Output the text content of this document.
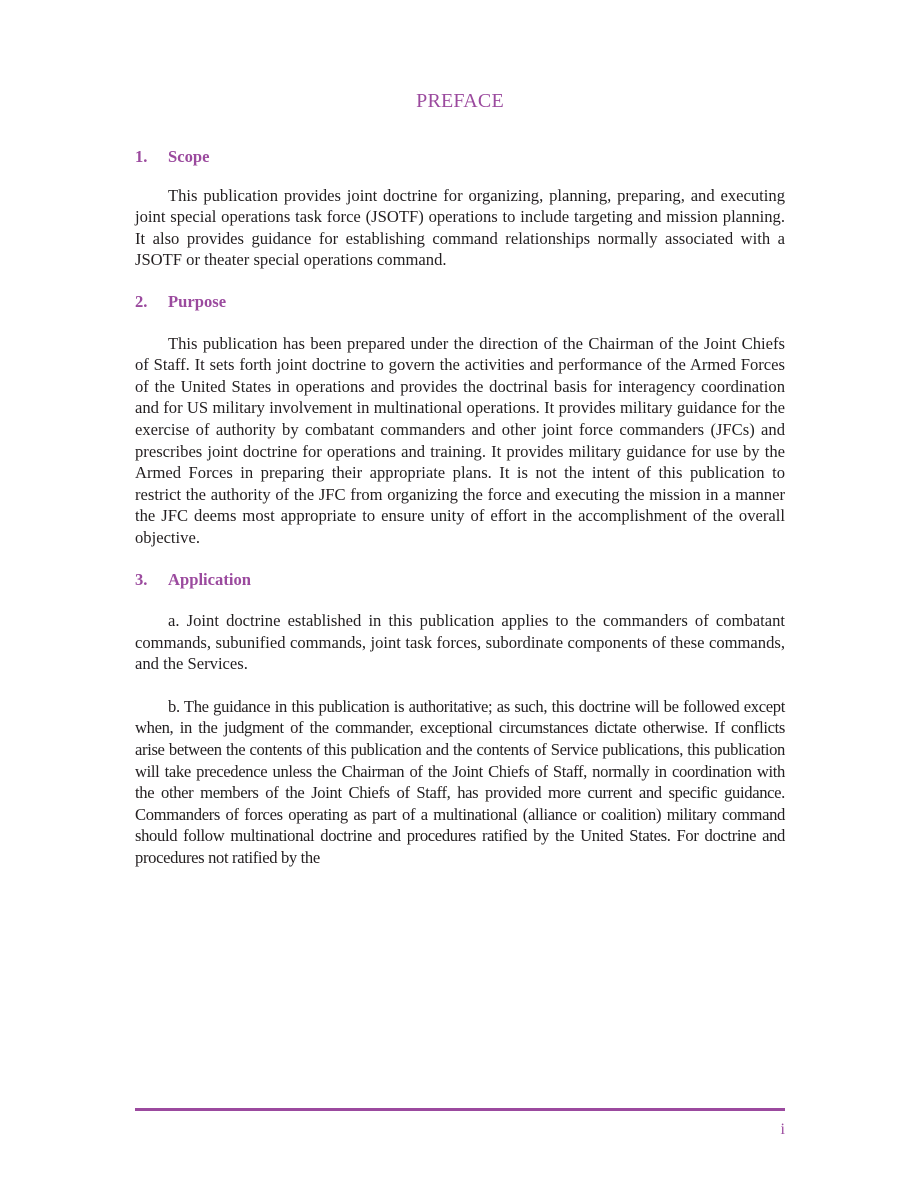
PREFACE
1.	Scope

This publication provides joint doctrine for organizing, planning, preparing, and executing joint special operations task force (JSOTF) operations to include targeting and mission planning. It also provides guidance for establishing command relationships normally associated with a JSOTF or theater special operations command.

2.	Purpose

This publication has been prepared under the direction of the Chairman of the Joint Chiefs of Staff. It sets forth joint doctrine to govern the activities and performance of the Armed Forces of the United States in operations and provides the doctrinal basis for interagency coordination and for US military involvement in multinational operations. It provides military guidance for the exercise of authority by combatant commanders and other joint force commanders (JFCs) and prescribes joint doctrine for operations and training. It provides military guidance for use by the Armed Forces in preparing their appropriate plans. It is not the intent of this publication to restrict the authority of the JFC from organizing the force and executing the mission in a manner the JFC deems most appropriate to ensure unity of effort in the accomplishment of the overall objective.

3.	Application

a. Joint doctrine established in this publication applies to the commanders of combatant commands, subunified commands, joint task forces, subordinate components of these commands, and the Services.

b. The guidance in this publication is authoritative; as such, this doctrine will be followed except when, in the judgment of the commander, exceptional circumstances dictate otherwise. If conflicts arise between the contents of this publication and the contents of Service publications, this publication will take precedence unless the Chairman of the Joint Chiefs of Staff, normally in coordination with the other members of the Joint Chiefs of Staff, has provided more current and specific guidance. Commanders of forces operating as part of a multinational (alliance or coalition) military command should follow multinational doctrine and procedures ratified by the United States. For doctrine and procedures not ratified by the

i
